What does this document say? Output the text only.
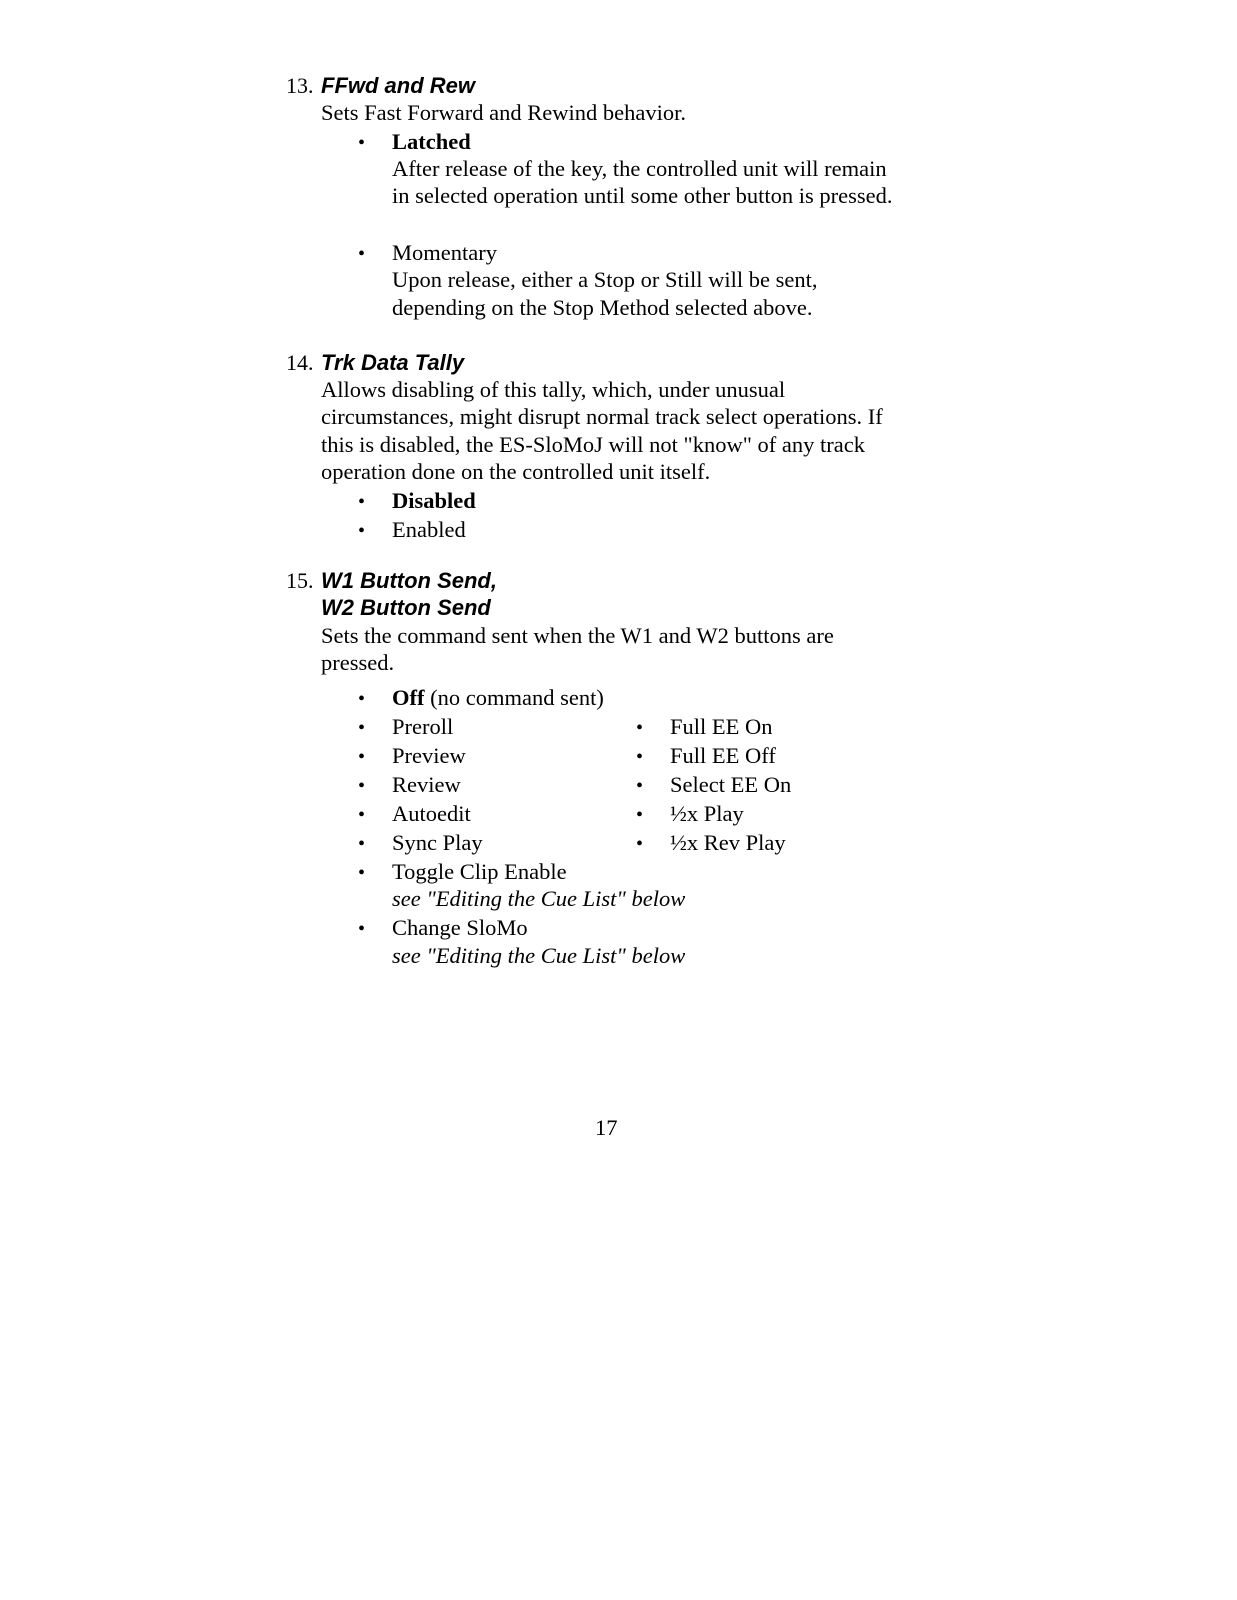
13. FFwd and Rew
Sets Fast Forward and Rewind behavior.
• Latched
After release of the key, the controlled unit will remain
in selected operation until some other button is pressed.
• Momentary
Upon release, either a Stop or Still will be sent,
depending on the Stop Method selected above.
14. Trk Data Tally
Allows disabling of this tally, which, under unusual
circumstances, might disrupt normal track select operations. If
this is disabled, the ES-SloMoJ will not "know" of any track
operation done on the controlled unit itself.
• Disabled
• Enabled
15. W1 Button Send,
W2 Button Send
Sets the command sent when the W1 and W2 buttons are
pressed.
• Off (no command sent)
• Preroll
• Preview
• Review
• Autoedit
• Sync Play
• Full EE On
• Full EE Off
• Select EE On
• ½x Play
• ½x Rev Play
• Toggle Clip Enable
see "Editing the Cue List" below
• Change SloMo
see "Editing the Cue List" below
17
